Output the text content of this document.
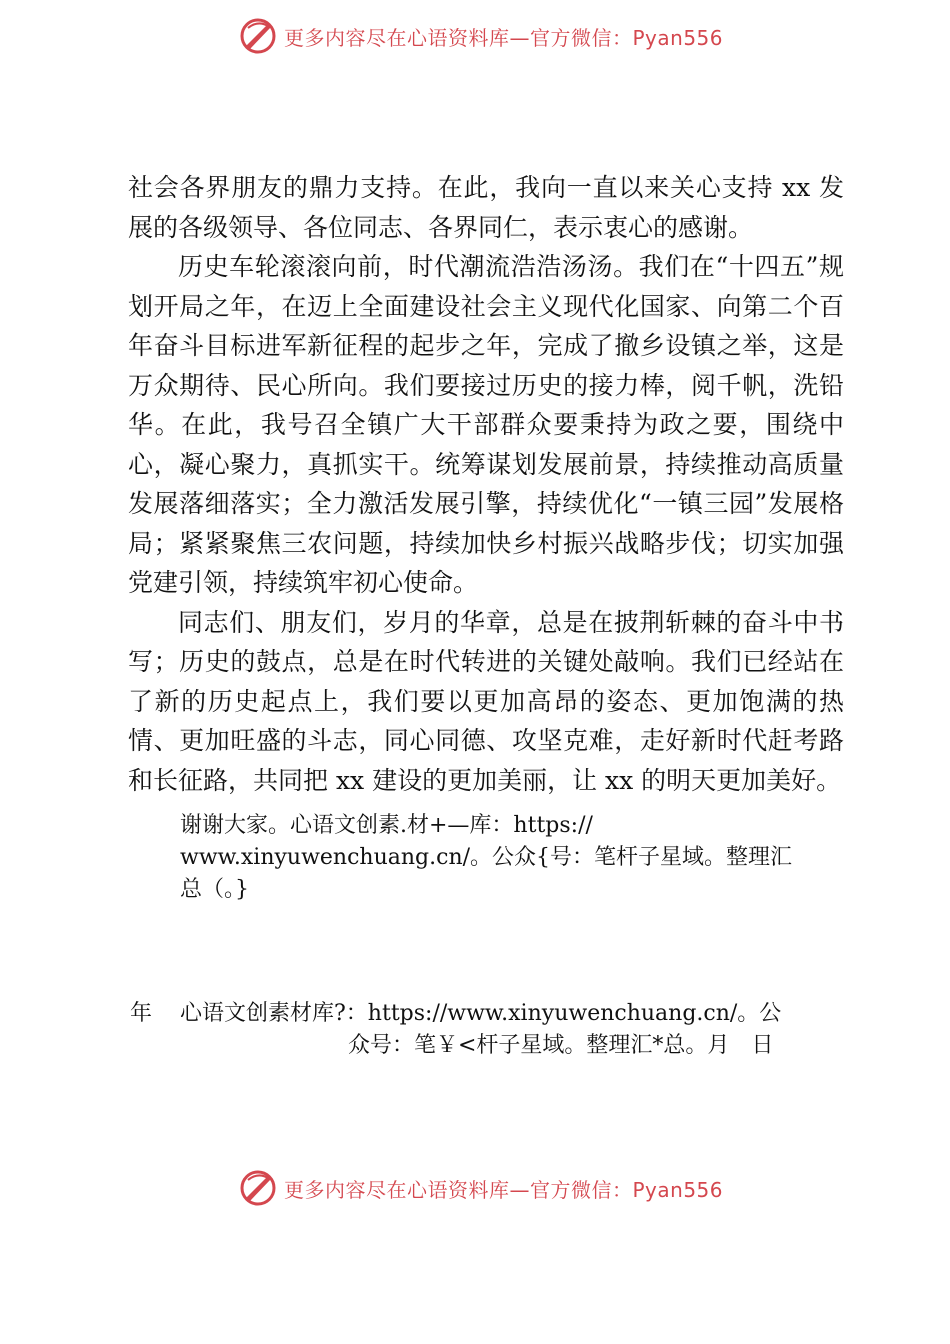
更多内容尽在心语资料库—官方微信：Pyan556

社会各界朋友的鼎力支持。在此，我向一直以来关心支持 xx 发展的各级领导、各位同志、各界同仁，表示衷心的感谢。

历史车轮滚滚向前，时代潮流浩浩汤汤。我们在“十四五”规划开局之年，在迈上全面建设社会主义现代化国家、向第二个百年奋斗目标进军新征程的起步之年，完成了撤乡设镇之举，这是万众期待、民心所向。我们要接过历史的接力棒，阅千帆，洗铅华。在此，我号召全镇广大干部群众要秉持为政之要，围绕中心，凝心聚力，真抓实干。统筹谋划发展前景，持续推动高质量发展落细落实；全力激活发展引擎，持续优化“一镇三园”发展格局；紧紧聚焦三农问题，持续加快乡村振兴战略步伐；切实加强党建引领，持续筑牢初心使命。

同志们、朋友们，岁月的华章，总是在披荆斩棘的奋斗中书写；历史的鼓点，总是在时代转进的关键处敲响。我们已经站在了新的历史起点上，我们要以更加高昂的姿态、更加饱满的热情、更加旺盛的斗志，同心同德、攻坚克难，走好新时代赶考路和长征路，共同把 xx 建设的更加美丽，让 xx 的明天更加美好。

谢谢大家。心语文创素.材+—库：https://
www.xinyuwenchuang.cn/。公众{号：笔杆子星域。整理汇
总（。}
年 心语文创素材库?：https://www.xinyuwenchuang.cn/。公
众号：笔￥<杆子星域。整理汇*总。月 日
更多内容尽在心语资料库—官方微信：Pyan556
